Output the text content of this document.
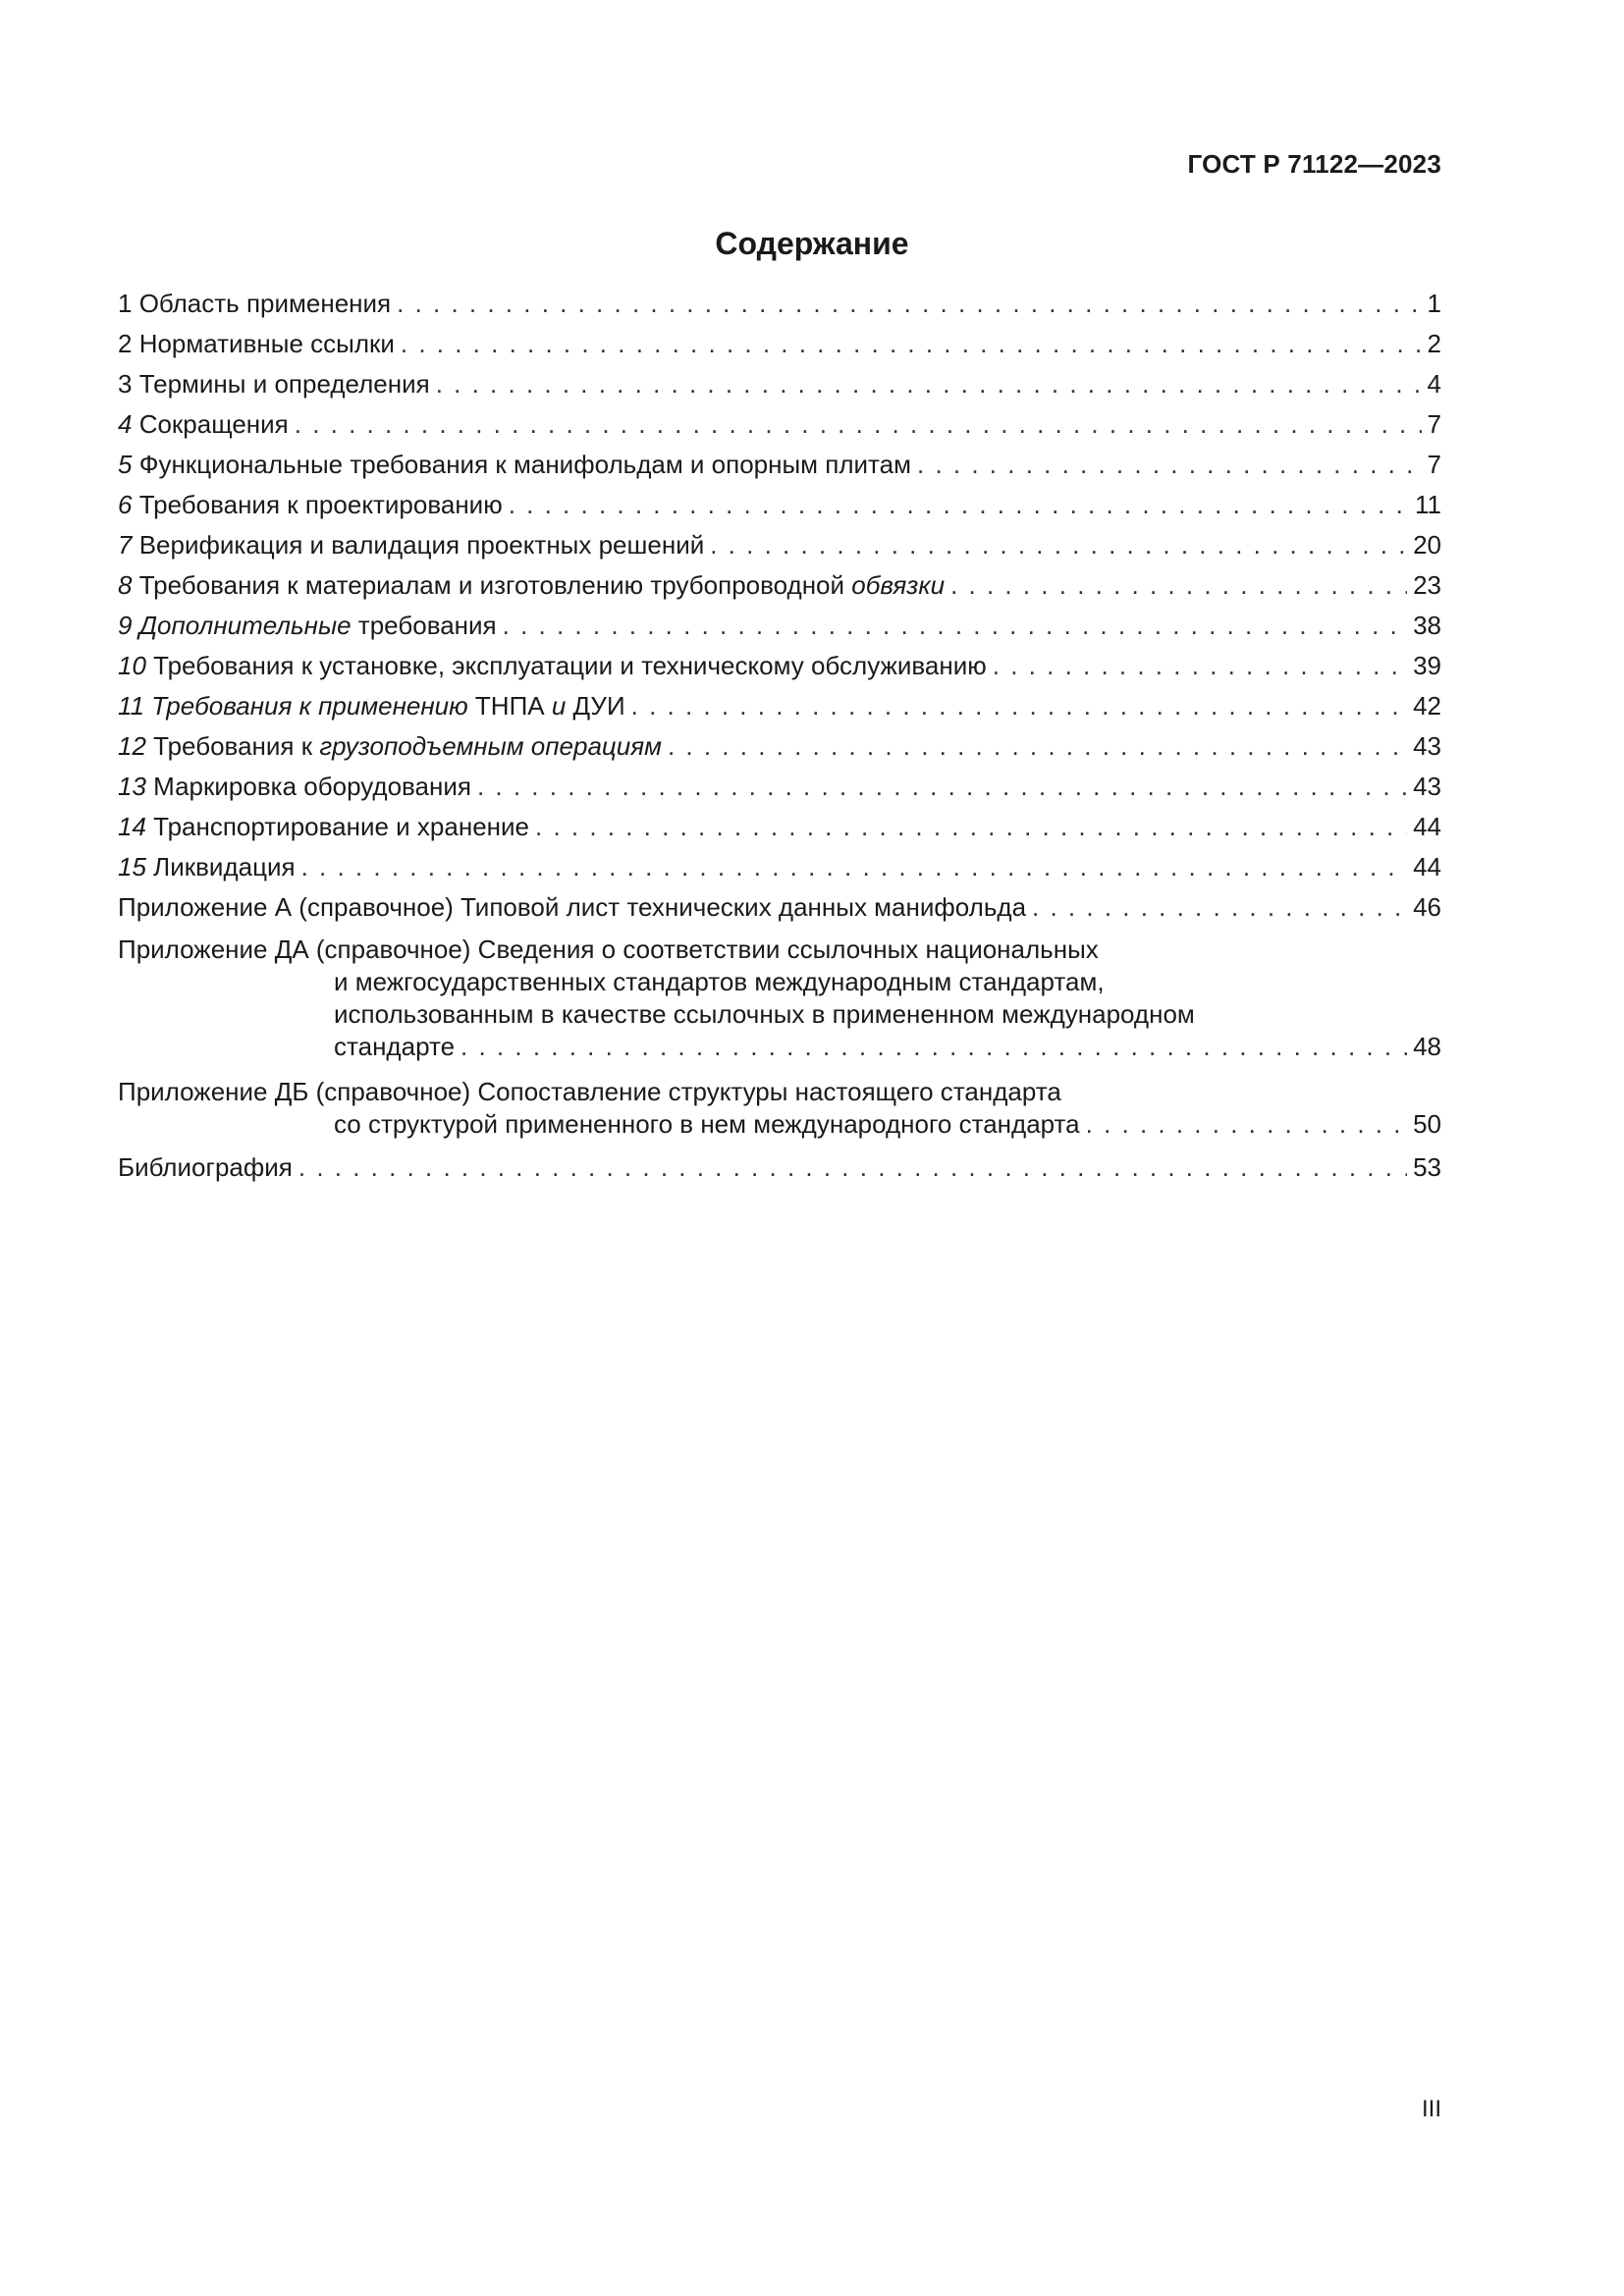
ГОСТ Р 71122—2023
Содержание
1 Область применения . . .	1
2 Нормативные ссылки . . .	2
3 Термины и определения . . .	4
4 Сокращения . . .	7
5 Функциональные требования к манифольдам и опорным плитам . . .	7
6 Требования к проектированию . . .	11
7 Верификация и валидация проектных решений . . .	20
8 Требования к материалам и изготовлению трубопроводной обвязки . . .	23
9 Дополнительные требования . . .	38
10 Требования к установке, эксплуатации и техническому обслуживанию . . .	39
11 Требования к применению ТНПА и ДУИ . . .	42
12 Требования к грузоподъемным операциям . . .	43
13 Маркировка оборудования . . .	43
14 Транспортирование и хранение . . .	44
15 Ликвидация . . .	44
Приложение А (справочное) Типовой лист технических данных манифольда . . .	46
Приложение ДА (справочное) Сведения о соответствии ссылочных национальных
и межгосударственных стандартов международным стандартам,
использованным в качестве ссылочных в примененном международном
стандарте . . .	48
Приложение ДБ (справочное) Сопоставление структуры настоящего стандарта
со структурой примененного в нем международного стандарта . . .	50
Библиография . . .	53
III
